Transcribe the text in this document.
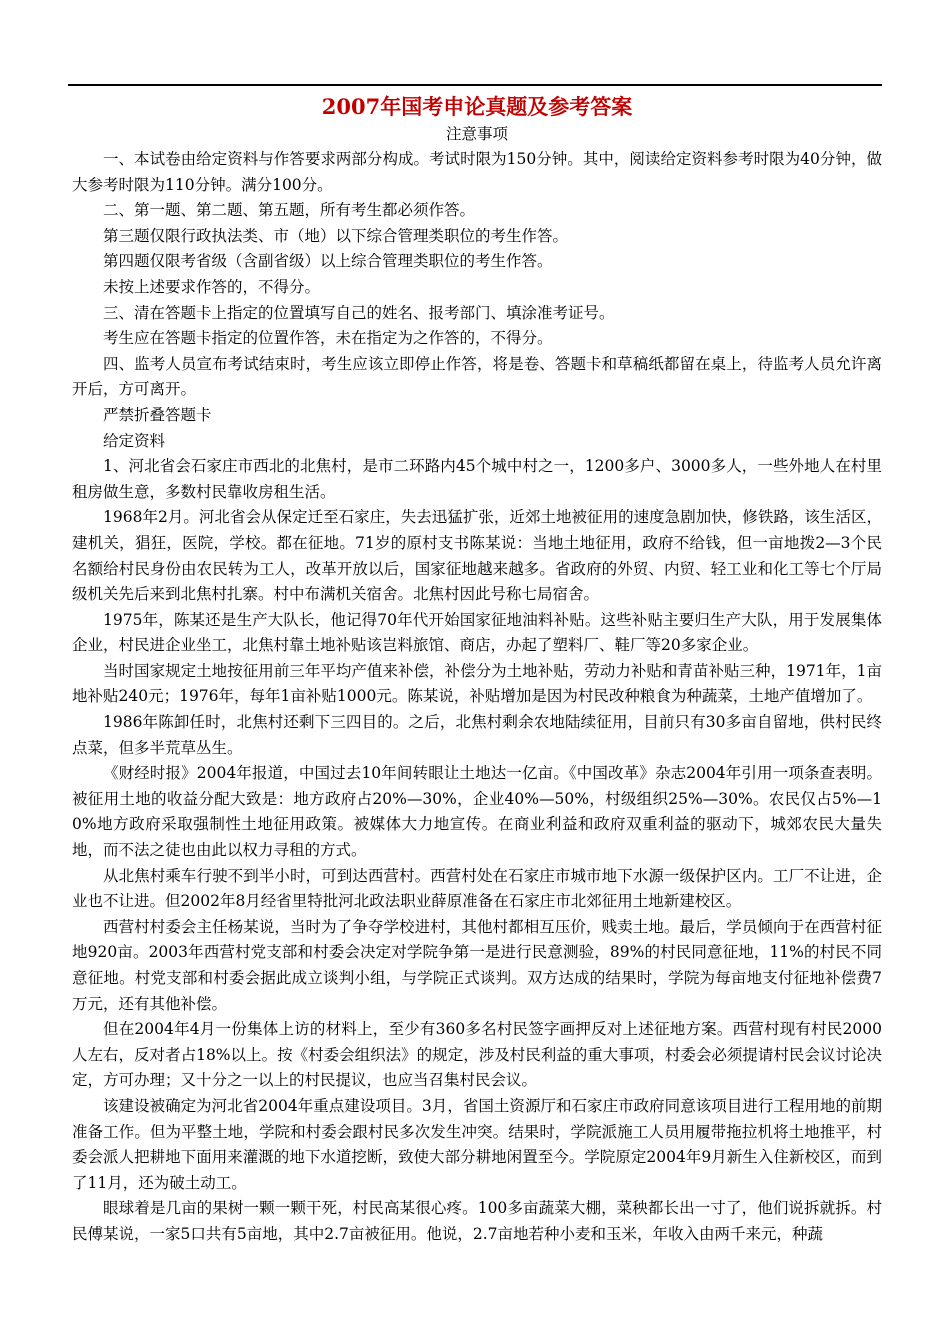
2007年国考申论真题及参考答案
注意事项

一、本试卷由给定资料与作答要求两部分构成。考试时限为150分钟。其中，阅读给定资料参考时限为40分钟，做大参考时限为110分钟。满分100分。

二、第一题、第二题、第五题，所有考生都必须作答。

第三题仅限行政执法类、市（地）以下综合管理类职位的考生作答。

第四题仅限考省级（含副省级）以上综合管理类职位的考生作答。

未按上述要求作答的，不得分。

三、清在答题卡上指定的位置填写自己的姓名、报考部门、填涂准考证号。

考生应在答题卡指定的位置作答，未在指定为之作答的，不得分。

四、监考人员宣布考试结束时，考生应该立即停止作答，将是卷、答题卡和草稿纸都留在桌上，待监考人员允许离开后，方可离开。

严禁折叠答题卡

给定资料

1、河北省会石家庄市西北的北焦村，是市二环路内45个城中村之一，1200多户、3000多人，一些外地人在村里租房做生意，多数村民靠收房租生活。

1968年2月。河北省会从保定迁至石家庄，失去迅猛扩张，近郊土地被征用的速度急剧加快，修铁路，该生活区，建机关，猖狂，医院，学校。都在征地。71岁的原村支书陈某说：当地土地征用，政府不给钱，但一亩地拨2—3个民名额给村民身份由农民转为工人，改革开放以后，国家征地越来越多。省政府的外贸、内贸、轻工业和化工等七个厅局级机关先后来到北焦村扎寨。村中布满机关宿舍。北焦村因此号称七局宿舍。

1975年，陈某还是生产大队长，他记得70年代开始国家征地油料补贴。这些补贴主要归生产大队，用于发展集体企业，村民进企业坐工，北焦村靠土地补贴该岂料旅馆、商店，办起了塑料厂、鞋厂等20多家企业。

当时国家规定土地按征用前三年平均产值来补偿，补偿分为土地补贴，劳动力补贴和青苗补贴三种，1971年，1亩地补贴240元；1976年，每年1亩补贴1000元。陈某说，补贴增加是因为村民改种粮食为种蔬菜，土地产值增加了。

1986年陈卸任时，北焦村还剩下三四目的。之后，北焦村剩余农地陆续征用，目前只有30多亩自留地，供村民终点菜，但多半荒草丛生。

《财经时报》2004年报道，中国过去10年间转眼让土地达一亿亩。《中国改革》杂志2004年引用一项条查表明。被征用土地的收益分配大致是：地方政府占20%—30%，企业40%—50%，村级组织25%—30%。农民仅占5%—10%地方政府采取强制性土地征用政策。被媒体大力地宣传。在商业利益和政府双重利益的驱动下，城郊农民大量失地，而不法之徒也由此以权力寻租的方式。

从北焦村乘车行驶不到半小时，可到达西营村。西营村处在石家庄市城市地下水源一级保护区内。工厂不让进，企业也不让进。但2002年8月经省里特批河北政法职业薛原准备在石家庄市北郊征用土地新建校区。

西营村村委会主任杨某说，当时为了争夺学校进村，其他村都相互压价，贱卖土地。最后，学员倾向于在西营村征地920亩。2003年西营村党支部和村委会决定对学院争第一是进行民意测验，89%的村民同意征地，11%的村民不同意征地。村党支部和村委会据此成立谈判小组，与学院正式谈判。双方达成的结果时，学院为每亩地支付征地补偿费7万元，还有其他补偿。

但在2004年4月一份集体上访的材料上，至少有360多名村民签字画押反对上述征地方案。西营村现有村民2000人左右，反对者占18%以上。按《村委会组织法》的规定，涉及村民利益的重大事项，村委会必须提请村民会议讨论决定，方可办理；又十分之一以上的村民提议，也应当召集村民会议。

该建设被确定为河北省2004年重点建设项目。3月，省国土资源厅和石家庄市政府同意该项目进行工程用地的前期准备工作。但为平整土地，学院和村委会跟村民多次发生冲突。结果时，学院派施工人员用履带拖拉机将土地推平，村委会派人把耕地下面用来灌溉的地下水道挖断，致使大部分耕地闲置至今。学院原定2004年9月新生入住新校区，而到了11月，还为破土动工。

眼球着是几亩的果树一颗一颗干死，村民高某很心疼。100多亩蔬菜大棚，菜秧都长出一寸了，他们说拆就拆。村民傅某说，一家5口共有5亩地，其中2.7亩被征用。他说，2.7亩地若种小麦和玉米，年收入由两千来元，种蔬
